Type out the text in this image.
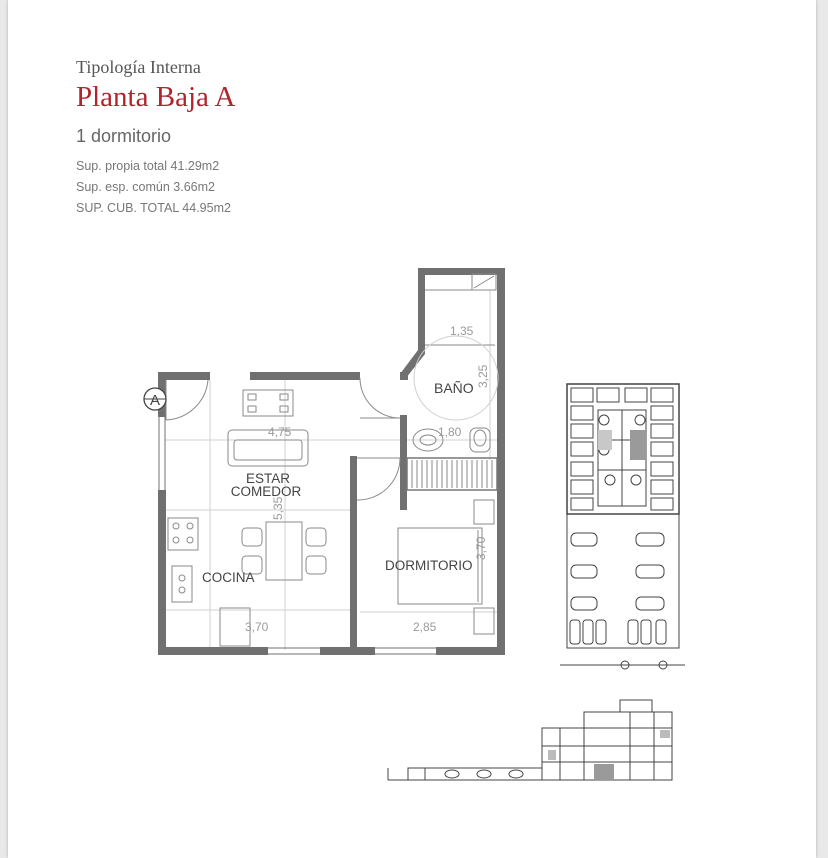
Tipología Interna
Planta Baja A
1 dormitorio
Sup. propia total 41.29m2
Sup. esp. común 3.66m2
SUP. CUB. TOTAL 44.95m2
A
BAÑO
ESTAR
COMEDOR
COCINA
DORMITORIO
1,35
3,25
1,80
4,75
5,35
3,70
3,70
2,85
